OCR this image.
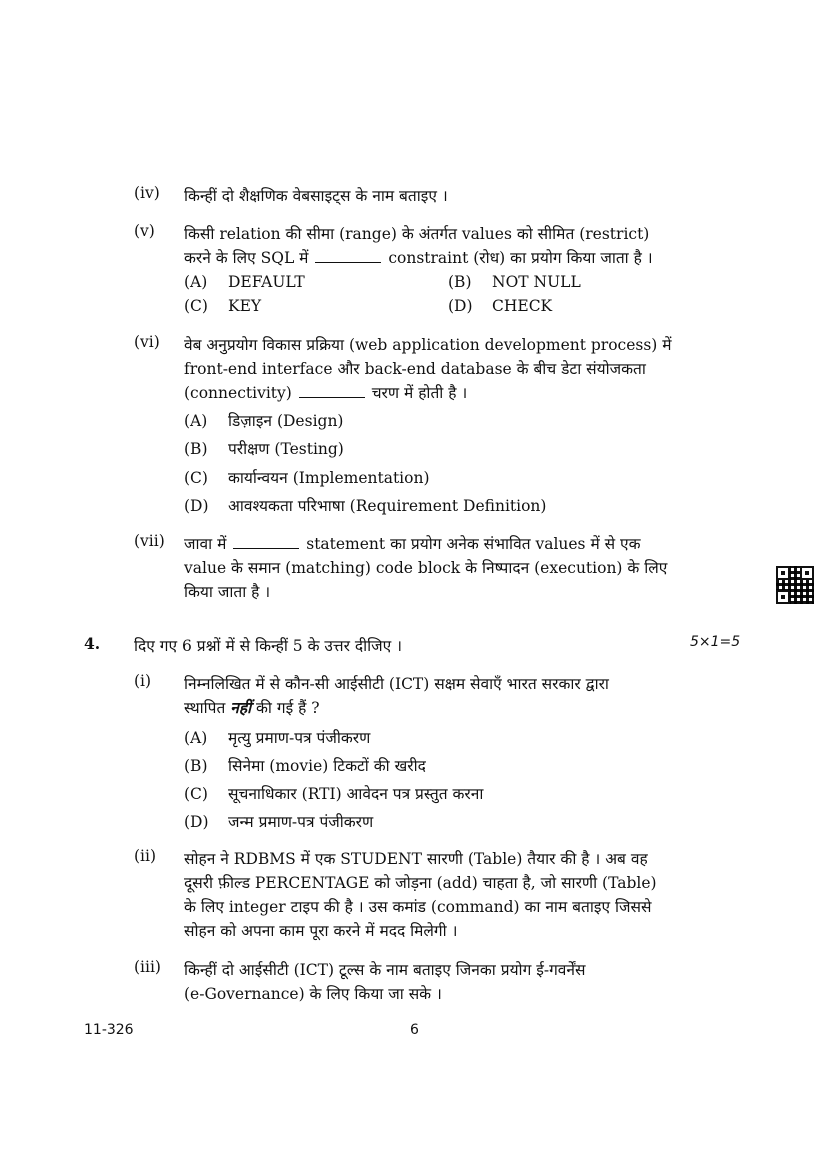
(iv) किन्हीं दो शैक्षणिक वेबसाइट्स के नाम बताइए ।
(v) किसी relation की सीमा (range) के अंतर्गत values को सीमित (restrict)
करने के लिए SQL में	constraint (रोध) का प्रयोग किया जाता है ।
(A) DEFAULT	(B) NOT NULL
(C) KEY	(D) CHECK
(vi) वेब अनुप्रयोग विकास प्रक्रिया (web application development process) में
front-end interface और back-end database के बीच डेटा संयोजकता
(connectivity)	चरण में होती है ।
(A) डिज़ाइन (Design)
(B) परीक्षण (Testing)
(C) कार्यान्वयन (Implementation)
(D) आवश्यकता परिभाषा (Requirement Definition)
(vii) जावा में	statement का प्रयोग अनेक संभावित values में से एक
value के समान (matching) code block के निष्पादन (execution) के लिए
किया जाता है ।
4. दिए गए 6 प्रश्नों में से किन्हीं 5 के उत्तर दीजिए ।	5×1=5
(i) निम्नलिखित में से कौन-सी आईसीटी (ICT) सक्षम सेवाएँ भारत सरकार द्वारा
स्थापित नहीं की गई हैं ?
(A) मृत्यु प्रमाण-पत्र पंजीकरण
(B) सिनेमा (movie) टिकटों की खरीद
(C) सूचनाधिकार (RTI) आवेदन पत्र प्रस्तुत करना
(D) जन्म प्रमाण-पत्र पंजीकरण
(ii) सोहन ने RDBMS में एक STUDENT सारणी (Table) तैयार की है । अब वह
दूसरी फ़ील्ड PERCENTAGE को जोड़ना (add) चाहता है, जो सारणी (Table)
के लिए integer टाइप की है । उस कमांड (command) का नाम बताइए जिससे
सोहन को अपना काम पूरा करने में मदद मिलेगी ।
(iii) किन्हीं दो आईसीटी (ICT) टूल्स के नाम बताइए जिनका प्रयोग ई-गवर्नेंस
(e-Governance) के लिए किया जा सके ।
11-326	6
